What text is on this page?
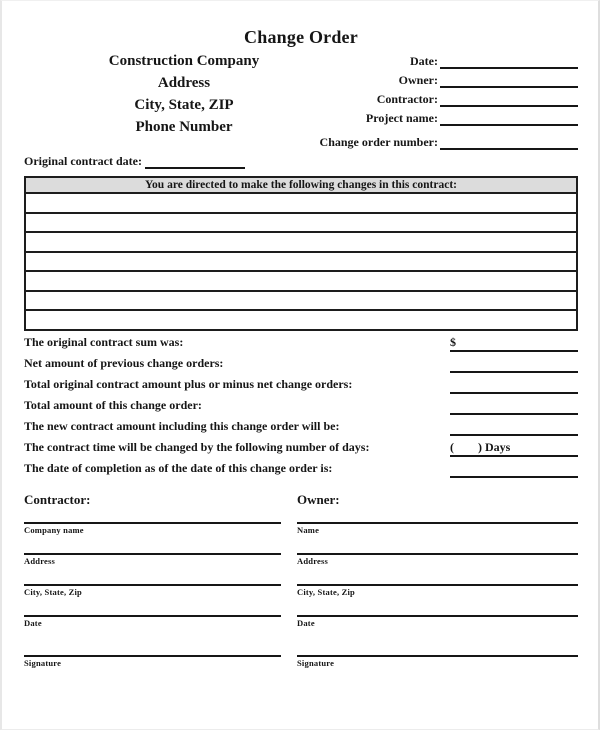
Change Order
Construction Company
Address
City, State, ZIP
Phone Number
Date:
Owner:
Contractor:
Project name:
Change order number:
Original contract date:
You are directed to make the following changes in this contract:
The original contract sum was:	$
Net amount of previous change orders:
Total original contract amount plus or minus net change orders:
Total amount of this change order:
The new contract amount including this change order will be:
The contract time will be changed by the following number of days:	(        ) Days
The date of completion as of the date of this change order is:
Contractor:
Company name
Address
City, State, Zip
Date
Signature
Owner:
Name
Address
City, State, Zip
Date
Signature
